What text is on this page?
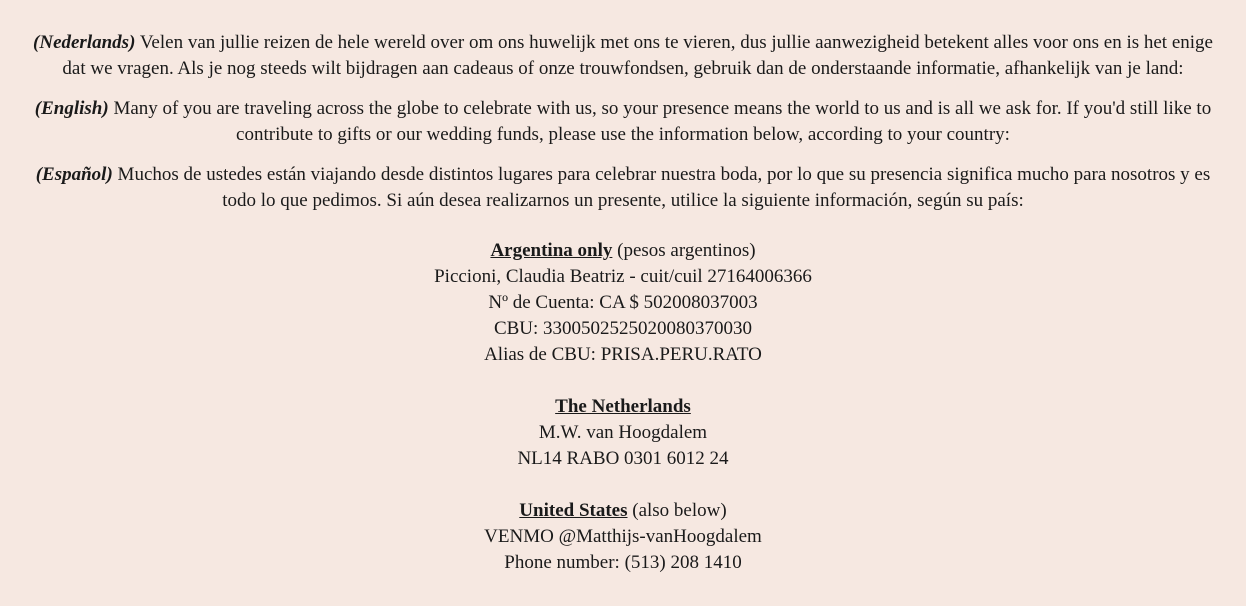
(Nederlands) Velen van jullie reizen de hele wereld over om ons huwelijk met ons te vieren, dus jullie aanwezigheid betekent alles voor ons en is het enige dat we vragen. Als je nog steeds wilt bijdragen aan cadeaus of onze trouwfondsen, gebruik dan de onderstaande informatie, afhankelijk van je land:

(English) Many of you are traveling across the globe to celebrate with us, so your presence means the world to us and is all we ask for. If you'd still like to contribute to gifts or our wedding funds, please use the information below, according to your country:

(Español) Muchos de ustedes están viajando desde distintos lugares para celebrar nuestra boda, por lo que su presencia significa mucho para nosotros y es todo lo que pedimos. Si aún desea realizarnos un presente, utilice la siguiente información, según su país:

Argentina only (pesos argentinos)
Piccioni, Claudia Beatriz - cuit/cuil 27164006366
Nº de Cuenta: CA $ 502008037003
CBU: 3300502525020080370030
Alias de CBU: PRISA.PERU.RATO
The Netherlands
M.W. van Hoogdalem
NL14 RABO 0301 6012 24
United States (also below)
VENMO @Matthijs-vanHoogdalem
Phone number: (513) 208 1410
